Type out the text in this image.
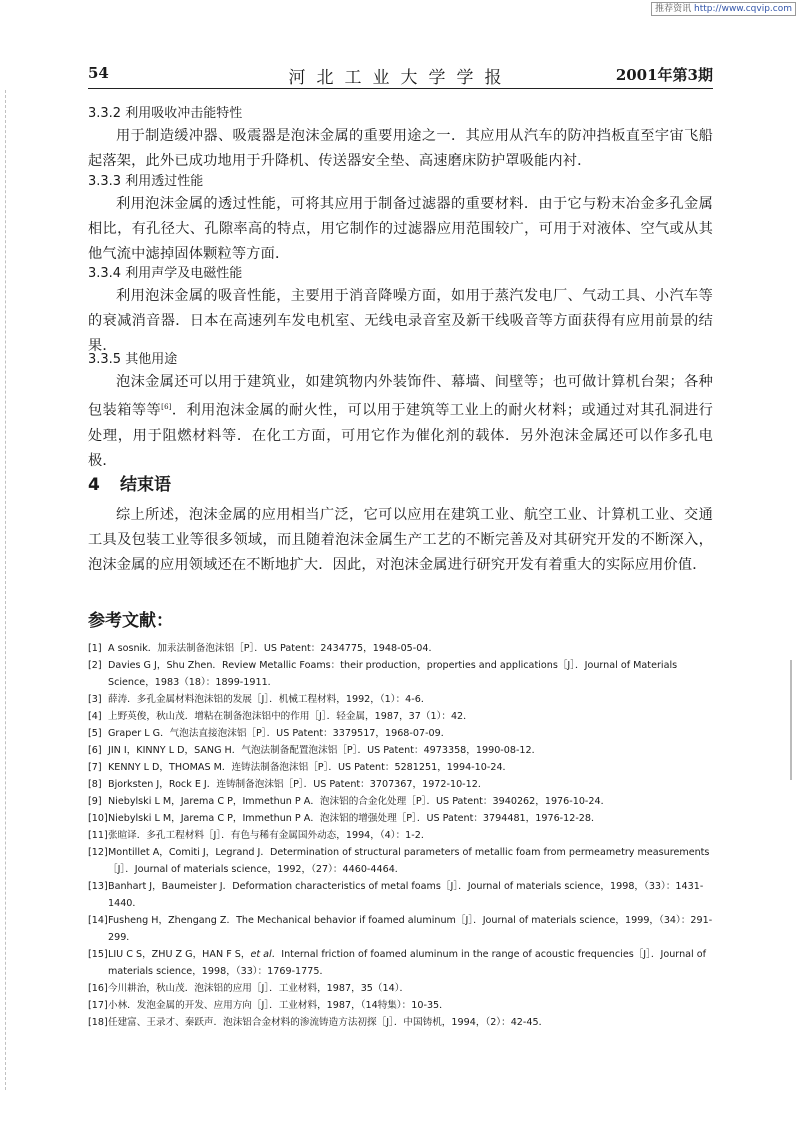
推荐资讯 http://www.cqvip.com
54	河北工业大学学报	2001年第3期

3.3.2 利用吸收冲击能特性

用于制造缓冲器、吸震器是泡沫金属的重要用途之一．其应用从汽车的防冲挡板直至宇宙飞船起落架，此外已成功地用于升降机、传送器安全垫、高速磨床防护罩吸能内衬．

3.3.3 利用透过性能

利用泡沫金属的透过性能，可将其应用于制备过滤器的重要材料．由于它与粉末冶金多孔金属相比，有孔径大、孔隙率高的特点，用它制作的过滤器应用范围较广，可用于对液体、空气或从其他气流中滤掉固体颗粒等方面．

3.3.4 利用声学及电磁性能

利用泡沫金属的吸音性能，主要用于消音降噪方面，如用于蒸汽发电厂、气动工具、小汽车等的衰减消音器．日本在高速列车发电机室、无线电录音室及新干线吸音等方面获得有应用前景的结果．

3.3.5 其他用途

泡沫金属还可以用于建筑业，如建筑物内外装饰件、幕墙、间壁等；也可做计算机台架；各种包装箱等等[6]．利用泡沫金属的耐火性，可以用于建筑等工业上的耐火材料；或通过对其孔洞进行处理，用于阻燃材料等．在化工方面，可用它作为催化剂的载体．另外泡沫金属还可以作多孔电极．

4 结束语

综上所述，泡沫金属的应用相当广泛，它可以应用在建筑工业、航空工业、计算机工业、交通工具及包装工业等很多领域，而且随着泡沫金属生产工艺的不断完善及对其研究开发的不断深入，泡沫金属的应用领域还在不断地扩大．因此，对泡沫金属进行研究开发有着重大的实际应用价值．

参考文献：

[1] A sosnik．加汞法制备泡沫铝［P］．US Patent：2434775，1948-05-04．

[2] Davies G J，Shu Zhen．Review Metallic Foams：their production，properties and applications［J］．Journal of Materials Science，1983（18）：1899-1911．

[3] 薛涛．多孔金属材料泡沫铝的发展［J］．机械工程材料，1992，（1）：4-6．

[4] 上野英俊，秋山茂．增粘在制备泡沫铝中的作用［J］．轻金属，1987，37（1）：42．

[5] Graper L G．气泡法直接泡沫铝［P］．US Patent：3379517，1968-07-09．

[6] JIN I，KINNY L D，SANG H．气泡法制备配置泡沫铝［P］．US Patent：4973358，1990-08-12．

[7] KENNY L D，THOMAS M．连铸法制备泡沫铝［P］．US Patent：5281251，1994-10-24．

[8] Bjorksten J，Rock E J．连铸制备泡沫铝［P］．US Patent：3707367，1972-10-12．

[9] Niebylski L M，Jarema C P，Immethun P A．泡沫铝的合金化处理［P］．US Patent：3940262，1976-10-24．

[10]Niebylski L M，Jarema C P，Immethun P A．泡沫铝的增强处理［P］．US Patent：3794481，1976-12-28．

[11]张暄译．多孔工程材料［J］．有色与稀有金属国外动态，1994，（4）：1-2．

[12]Montillet A，Comiti J，Legrand J．Determination of structural parameters of metallic foam from permeametry measurements［J］．Journal of materials science，1992，（27）：4460-4464．

[13]Banhart J，Baumeister J．Deformation characteristics of metal foams［J］．Journal of materials science，1998，（33）：1431-1440．

[14]Fusheng H，Zhengang Z．The Mechanical behavior if foamed aluminum［J］．Journal of materials science，1999，（34）：291-299．

[15]LIU C S，ZHU Z G，HAN F S，et al．Internal friction of foamed aluminum in the range of acoustic frequencies［J］．Journal of materials science，1998，（33）：1769-1775．

[16]今川耕治，秋山茂．泡沫铝的应用［J］．工业材料，1987，35（14）．

[17]小林．发泡金属的开发、应用方向［J］．工业材料，1987，（14特集）：10-35．

[18]任建富、王录才、秦跃声．泡沫铝合金材料的渗流铸造方法初探［J］．中国铸机，1994，（2）：42-45．
